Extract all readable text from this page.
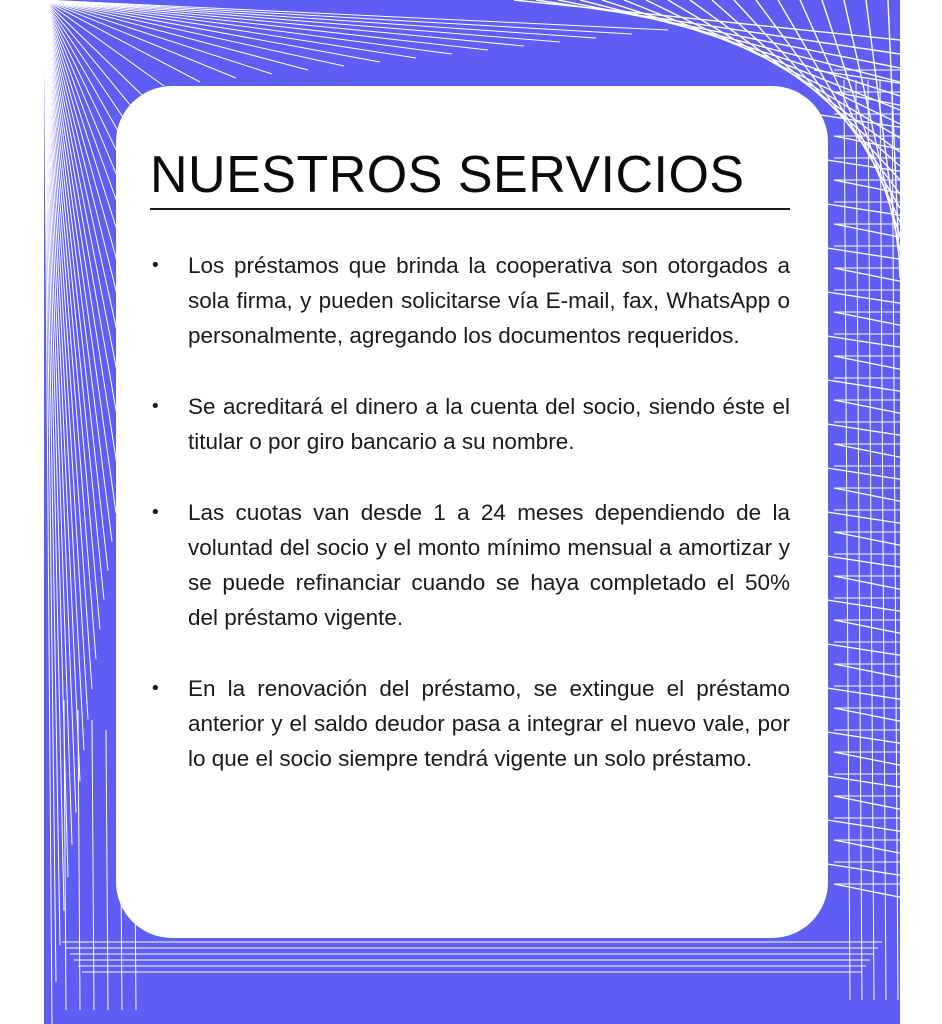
NUESTROS SERVICIOS
• Los préstamos que brinda la cooperativa son otorgados a sola firma, y pueden solicitarse vía E-mail, fax, WhatsApp o personalmente, agregando los documentos requeridos.
• Se acreditará el dinero a la cuenta del socio, siendo éste el titular o por giro bancario a su nombre.
• Las cuotas van desde 1 a 24 meses dependiendo de la voluntad del socio y el monto mínimo mensual a amortizar y se puede refinanciar cuando se haya completado el 50% del préstamo vigente.
• En la renovación del préstamo, se extingue el préstamo anterior y el saldo deudor pasa a integrar el nuevo vale, por lo que el socio siempre tendrá vigente un solo préstamo.
